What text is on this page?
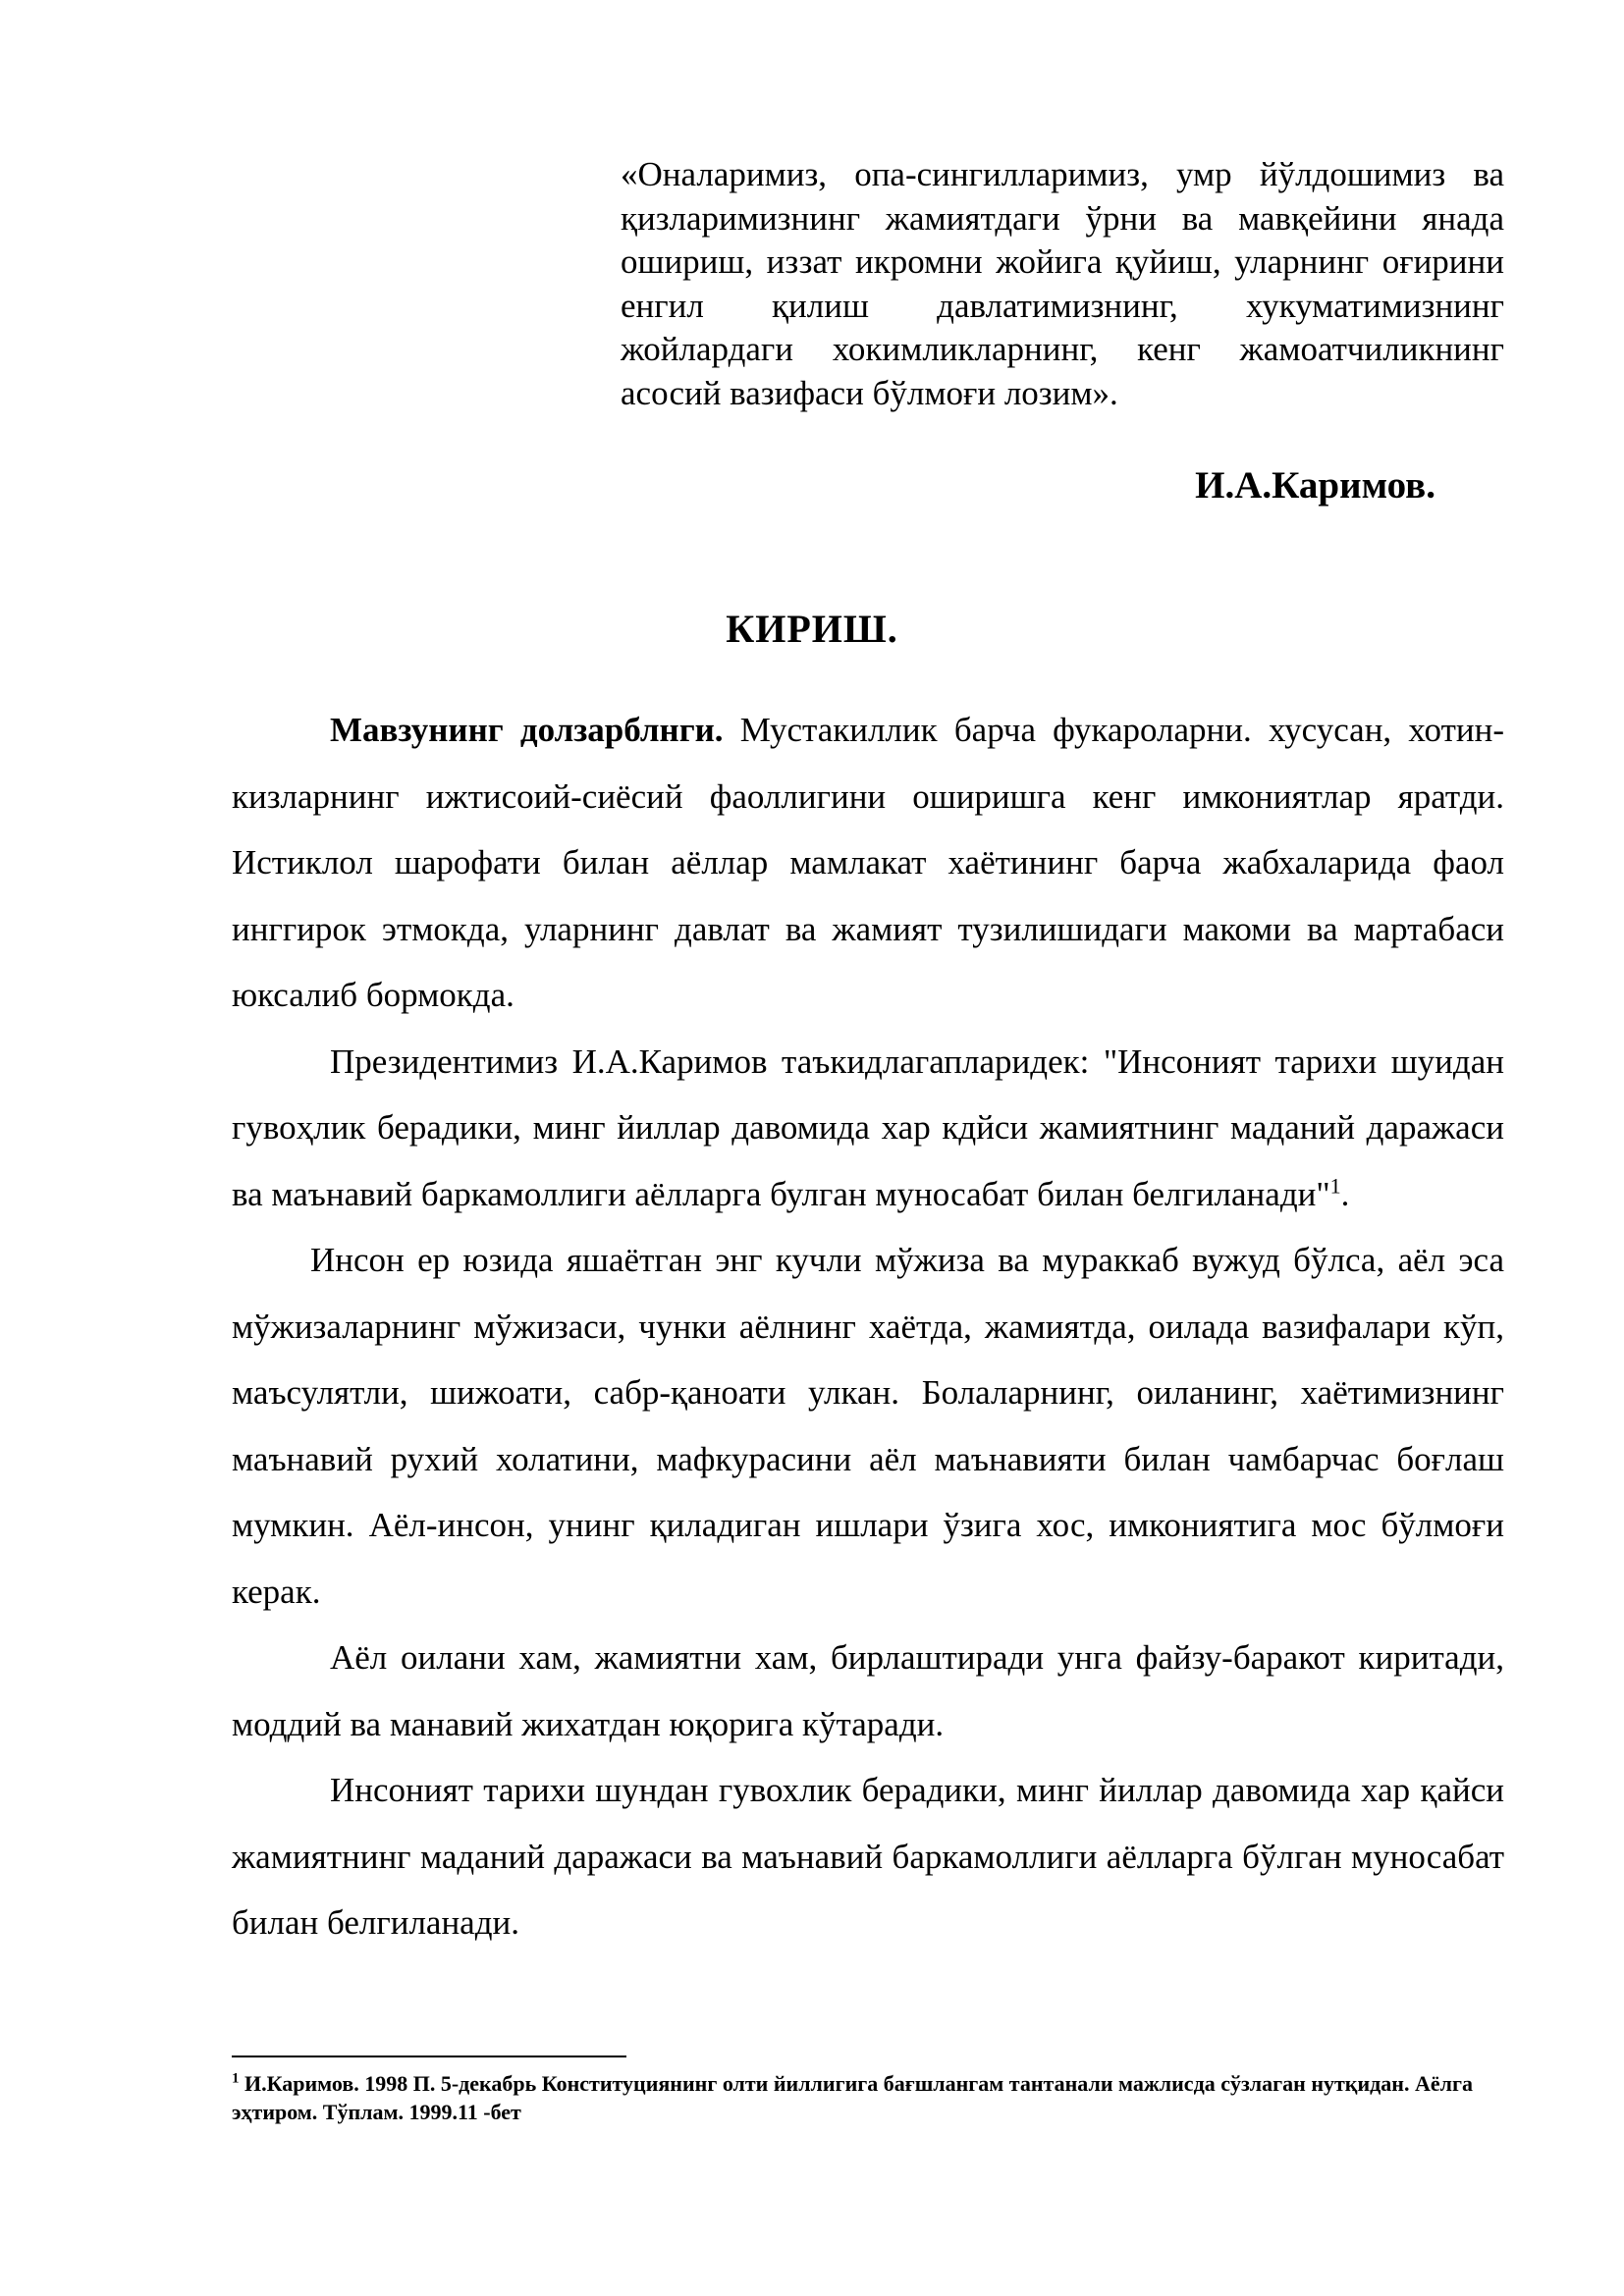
«Оналаримиз, опа-сингилларимиз, умр йўлдошимиз ва қизларимизнинг жамиятдаги ўрни ва мавқейини янада ошириш, иззат икромни жойига қуйиш, уларнинг оғирини енгил қилиш давлатимизнинг, хукуматимизнинг жойлардаги хокимликларнинг, кенг жамоатчиликнинг асосий вазифаси бўлмоғи лозим».
И.А.Каримов.
КИРИШ.

Мавзунинг долзарблнги. Мустакиллик барча фукароларни. хусусан, хотин-кизларнинг ижтисоий-сиёсий фаоллигини оширишга кенг имкониятлар яратди. Истиклол шарофати билан аёллар мамлакат хаётининг барча жабхаларида фаол инггирок этмокда, уларнинг давлат ва жамият тузилишидаги макоми ва мартабаси юксалиб бормокда.

Президентимиз И.А.Каримов таъкидлагапларидек: "Инсоният тарихи шуидан гувоҳлик берадики, минг йиллар давомида хар кдйси жамиятнинг маданий даражаси ва маънавий баркамоллиги аёлларга булган муносабат билан белгиланади"$^1$.

Инсон ер юзида яшаётган энг кучли мўжиза ва мураккаб вужуд бўлса, аёл эса мўжизаларнинг мўжизаси, чунки аёлнинг хаётда, жамиятда, оилада вазифалари кўп, маъсулятли, шижоати, сабр-қаноати улкан. Болаларнинг, оиланинг, хаётимизнинг маънавий рухий холатини, мафкурасини аёл маънавияти билан чамбарчас боғлаш мумкин. Аёл-инсон, унинг қиладиган ишлари ўзига хос, имкониятига мос бўлмоғи керак.

Аёл оилани хам, жамиятни хам, бирлаштиради унга файзу-баракот киритади, моддий ва манавий жихатдан юқорига кўтаради.

Инсоният тарихи шундан гувохлик берадики, минг йиллар давомида хар қайси жамиятнинг маданий даражаси ва маънавий баркамоллиги аёлларга бўлган муносабат билан белгиланади.

$^1$ И.Каримов. 1998 П. 5-декабрь Конституциянинг олти йиллигига бағшлангам тантанали мажлисда сўзлаган нутқидан. Аёлга эҳтиром. Тўплам. 1999.11 -бет
